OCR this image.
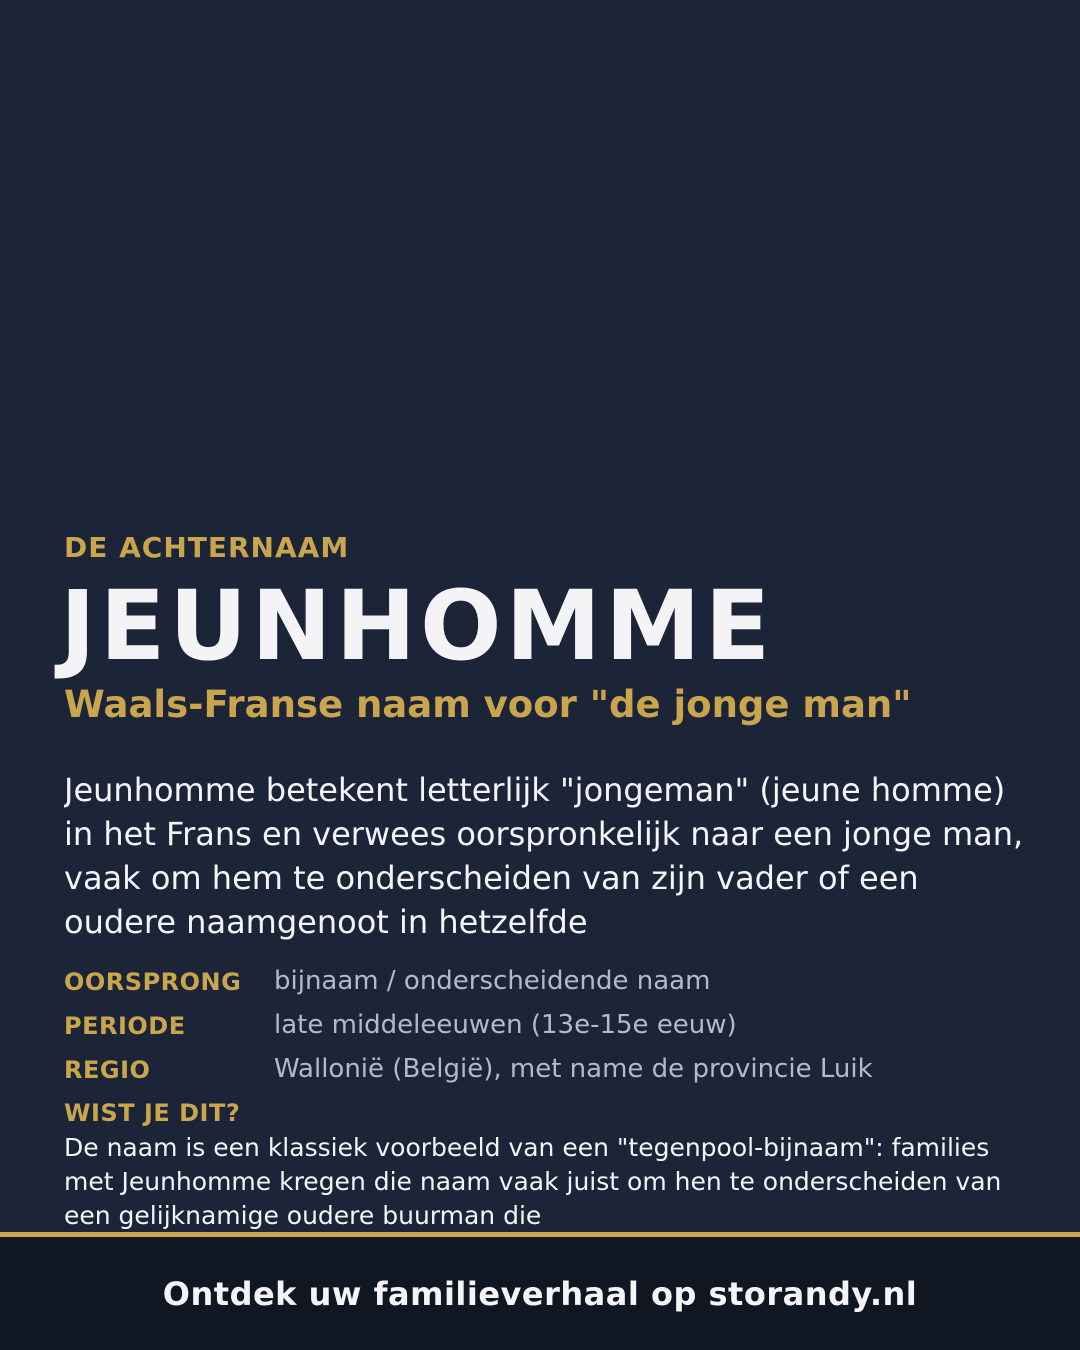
DE ACHTERNAAM
JEUNHOMME
Waals-Franse naam voor "de jonge man"
Jeunhomme betekent letterlijk "jongeman" (jeune homme) in het Frans en verwees oorspronkelijk naar een jonge man, vaak om hem te onderscheiden van zijn vader of een oudere naamgenoot in hetzelfde
OORSPRONG bijnaam / onderscheidende naam
PERIODE	late middeleeuwen (13e-15e eeuw)
REGIO	Wallonië (België), met name de provincie Luik
WIST JE DIT?
De naam is een klassiek voorbeeld van een "tegenpool-bijnaam": families met Jeunhomme kregen die naam vaak juist om hen te onderscheiden van een gelijknamige oudere buurman die
Ontdek uw familieverhaal op storandy.nl
